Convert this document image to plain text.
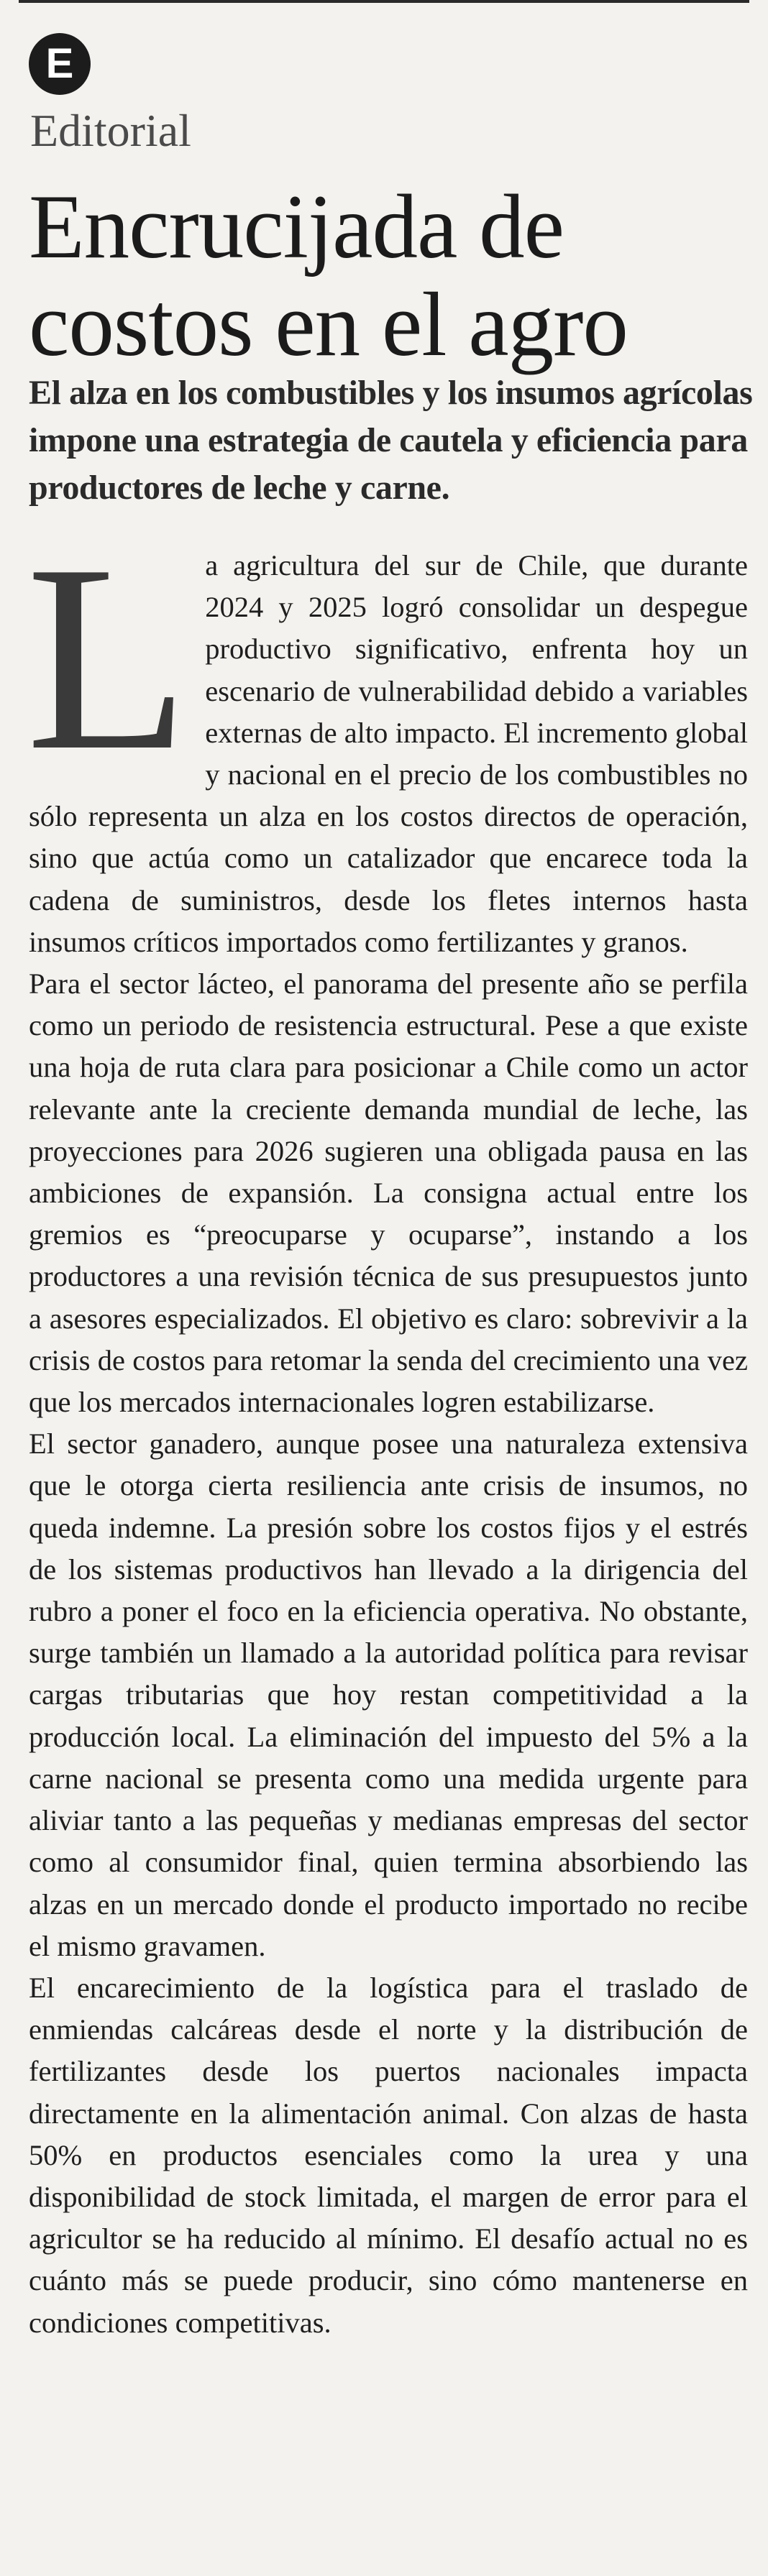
E
Editorial
Encrucijada de costos en el agro

El alza en los combustibles y los insumos agrícolas impone una estrategia de cautela y eficiencia para productores de leche y carne.

La agricultura del sur de Chile, que durante 2024 y 2025 logró consolidar un despegue productivo significativo, enfrenta hoy un escenario de vulnerabilidad debido a variables externas de alto impacto. El incremento global y nacional en el precio de los combustibles no sólo representa un alza en los costos directos de operación, sino que actúa como un catalizador que encarece toda la cadena de suministros, desde los fletes internos hasta insumos críticos importados como fertilizantes y granos.

Para el sector lácteo, el panorama del presente año se perfila como un periodo de resistencia estructural. Pese a que existe una hoja de ruta clara para posicionar a Chile como un actor relevante ante la creciente demanda mundial de leche, las proyecciones para 2026 sugieren una obligada pausa en las ambiciones de expansión. La consigna actual entre los gremios es “preocuparse y ocuparse”, instando a los productores a una revisión técnica de sus presupuestos junto a asesores especializados. El objetivo es claro: sobrevivir a la crisis de costos para retomar la senda del crecimiento una vez que los mercados internacionales logren estabilizarse.

El sector ganadero, aunque posee una naturaleza extensiva que le otorga cierta resiliencia ante crisis de insumos, no queda indemne. La presión sobre los costos fijos y el estrés de los sistemas productivos han llevado a la dirigencia del rubro a poner el foco en la eficiencia operativa. No obstante, surge también un llamado a la autoridad política para revisar cargas tributarias que hoy restan competitividad a la producción local. La eliminación del impuesto del 5% a la carne nacional se presenta como una medida urgente para aliviar tanto a las pequeñas y medianas empresas del sector como al consumidor final, quien termina absorbiendo las alzas en un mercado donde el producto importado no recibe el mismo gravamen.

El encarecimiento de la logística para el traslado de enmiendas calcáreas desde el norte y la distribución de fertilizantes desde los puertos nacionales impacta directamente en la alimentación animal. Con alzas de hasta 50% en productos esenciales como la urea y una disponibilidad de stock limitada, el margen de error para el agricultor se ha reducido al mínimo. El desafío actual no es cuánto más se puede producir, sino cómo mantenerse en condiciones competitivas.
